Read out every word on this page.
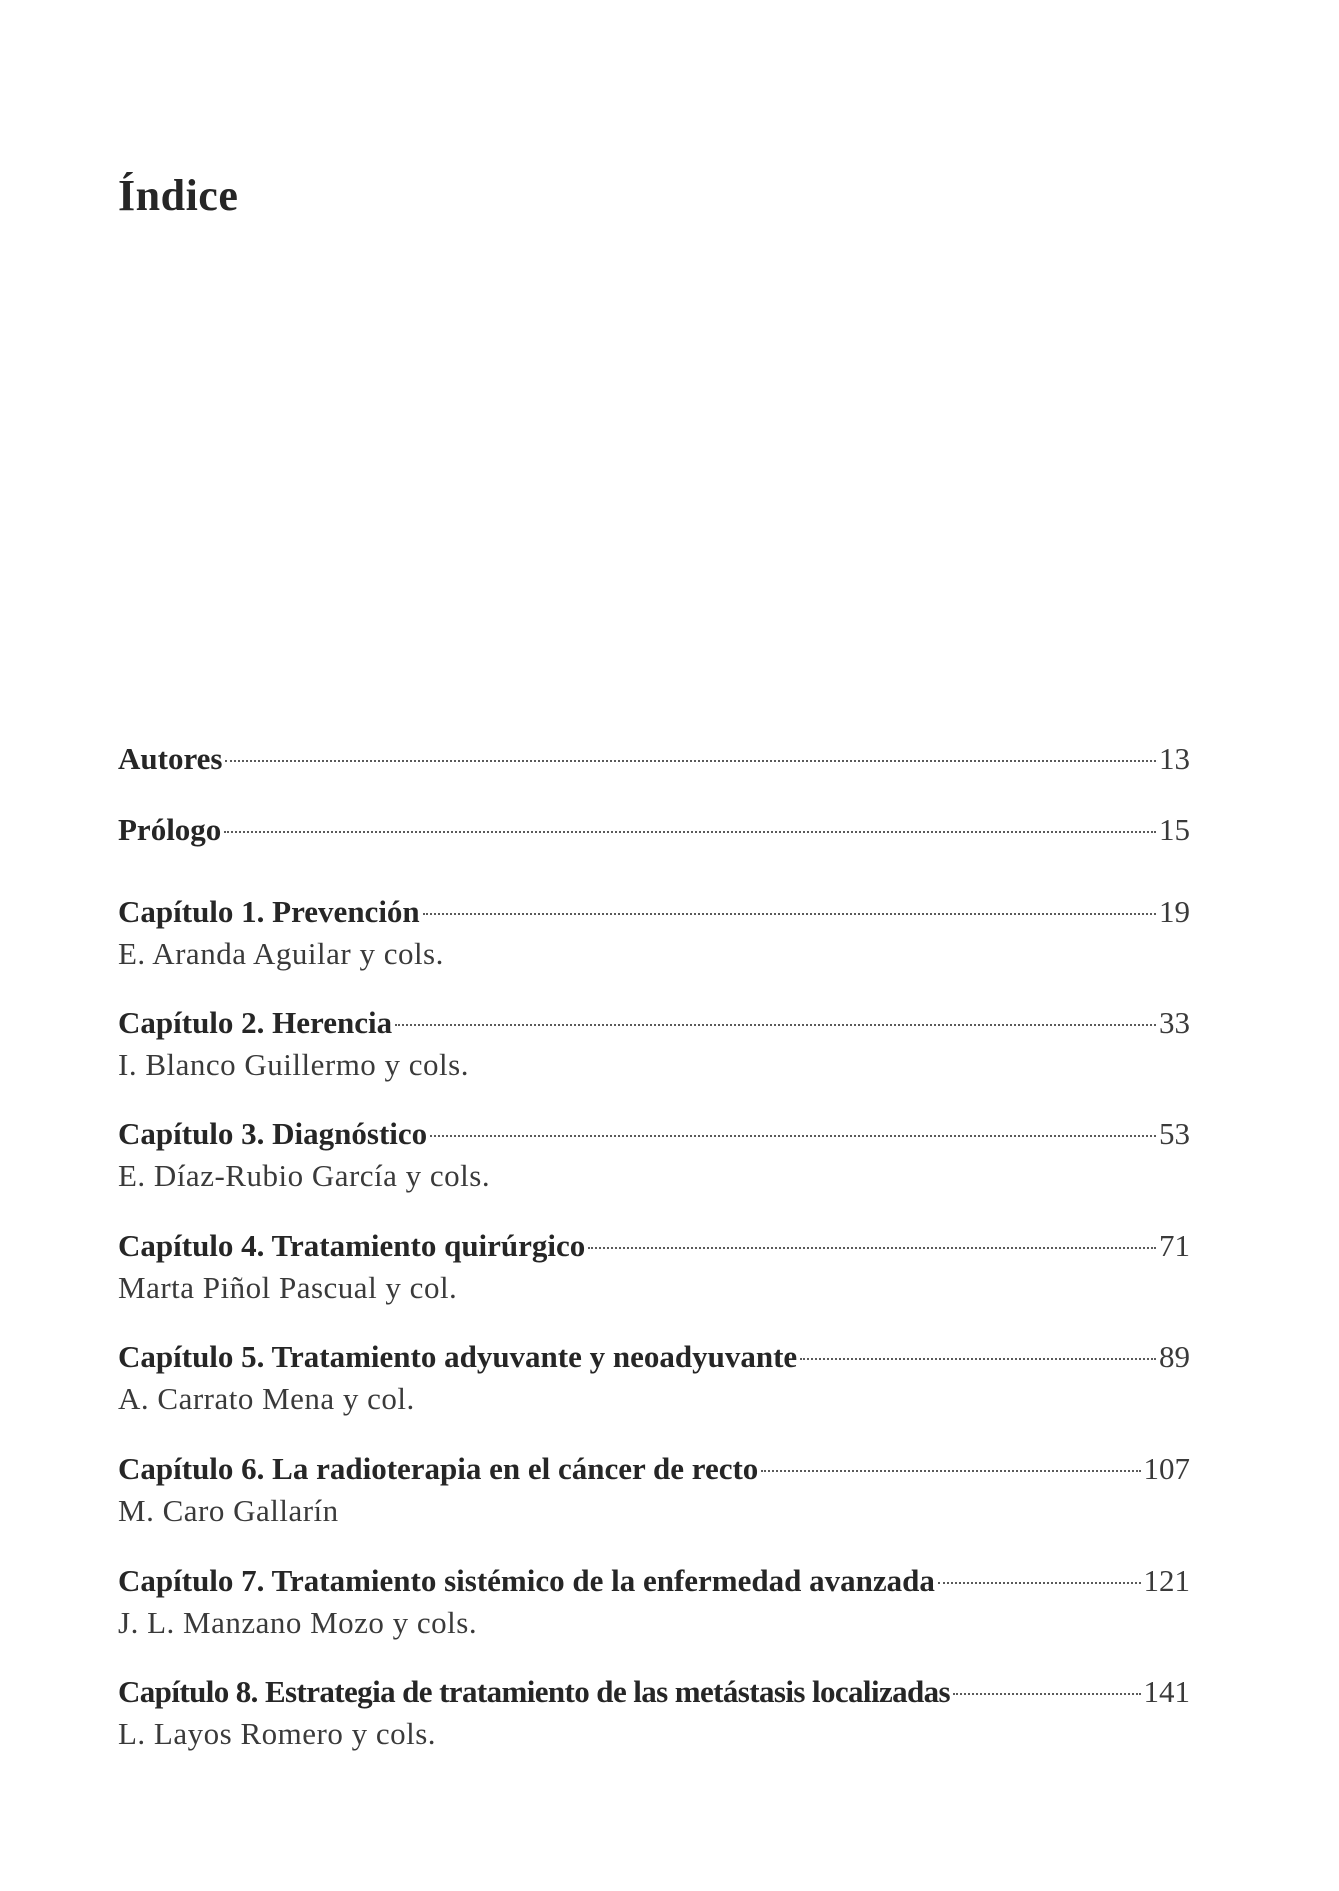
Índice
Autores	13
Prólogo	15
Capítulo 1. Prevención	19
E. Aranda Aguilar y cols.
Capítulo 2. Herencia	33
I. Blanco Guillermo y cols.
Capítulo 3. Diagnóstico	53
E. Díaz-Rubio García y cols.
Capítulo 4. Tratamiento quirúrgico	71
Marta Piñol Pascual y col.
Capítulo 5. Tratamiento adyuvante y neoadyuvante	89
A. Carrato Mena y col.
Capítulo 6. La radioterapia en el cáncer de recto	107
M. Caro Gallarín
Capítulo 7. Tratamiento sistémico de la enfermedad avanzada	121
J. L. Manzano Mozo y cols.
Capítulo 8. Estrategia de tratamiento de las metástasis localizadas	141
L. Layos Romero y cols.
